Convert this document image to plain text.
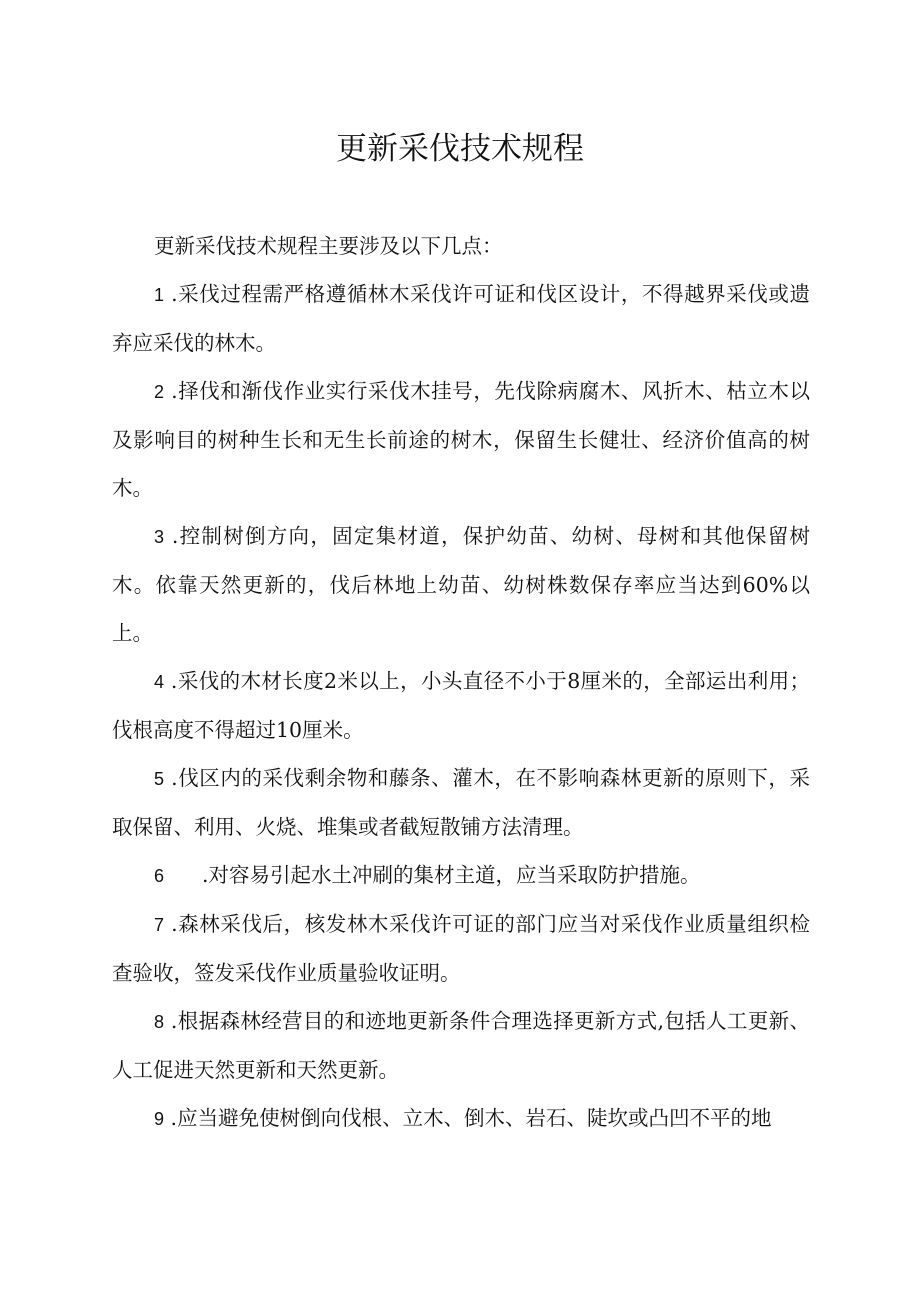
更新采伐技术规程

更新采伐技术规程主要涉及以下几点：

1 .采伐过程需严格遵循林木采伐许可证和伐区设计，不得越界采伐或遗弃应采伐的林木。

2 .择伐和渐伐作业实行采伐木挂号，先伐除病腐木、风折木、枯立木以及影响目的树种生长和无生长前途的树木，保留生长健壮、经济价值高的树木。

3 .控制树倒方向，固定集材道，保护幼苗、幼树、母树和其他保留树木。依靠天然更新的，伐后林地上幼苗、幼树株数保存率应当达到60%以上。

4 .采伐的木材长度2米以上，小头直径不小于8厘米的，全部运出利用；伐根高度不得超过10厘米。

5 .伐区内的采伐剩余物和藤条、灌木，在不影响森林更新的原则下，采取保留、利用、火烧、堆集或者截短散铺方法清理。

6 .对容易引起水土冲刷的集材主道，应当采取防护措施。

7 .森林采伐后，核发林木采伐许可证的部门应当对采伐作业质量组织检查验收，签发采伐作业质量验收证明。

8 .根据森林经营目的和迹地更新条件合理选择更新方式,包括人工更新、人工促进天然更新和天然更新。

9 .应当避免使树倒向伐根、立木、倒木、岩石、陡坎或凸凹不平的地
